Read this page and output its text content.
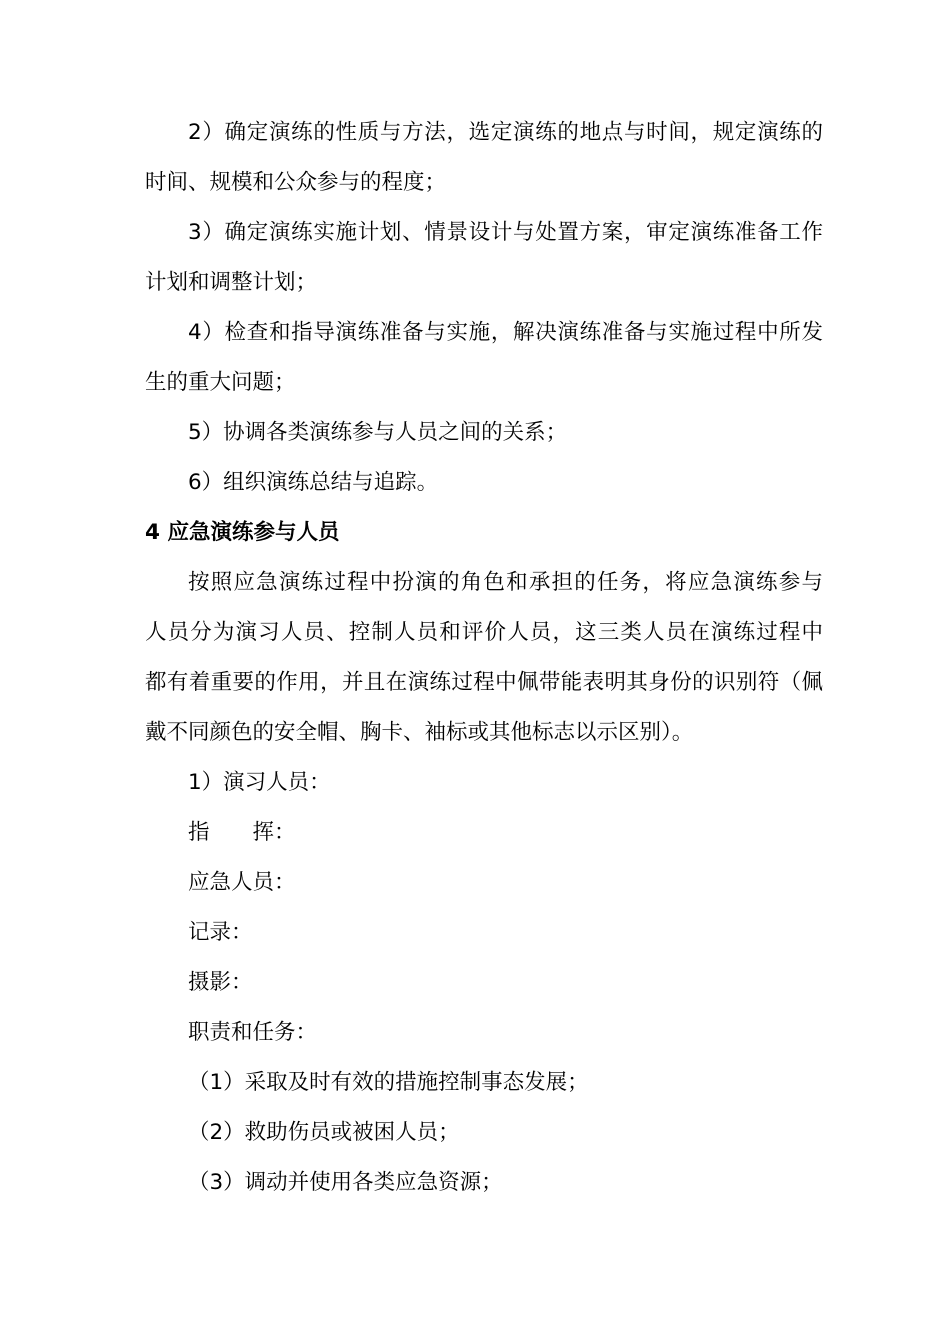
2）确定演练的性质与方法，选定演练的地点与时间，规定演练的

时间、规模和公众参与的程度；

3）确定演练实施计划、情景设计与处置方案，审定演练准备工作

计划和调整计划；

4）检查和指导演练准备与实施，解决演练准备与实施过程中所发

生的重大问题；

5）协调各类演练参与人员之间的关系；

6）组织演练总结与追踪。

4 应急演练参与人员

按照应急演练过程中扮演的角色和承担的任务，将应急演练参与

人员分为演习人员、控制人员和评价人员，这三类人员在演练过程中

都有着重要的作用，并且在演练过程中佩带能表明其身份的识别符（佩

戴不同颜色的安全帽、胸卡、袖标或其他标志以示区别）。

1）演习人员：

指　　挥：

应急人员：

记录：

摄影：

职责和任务：

（1）采取及时有效的措施控制事态发展；

（2）救助伤员或被困人员；

（3）调动并使用各类应急资源；
